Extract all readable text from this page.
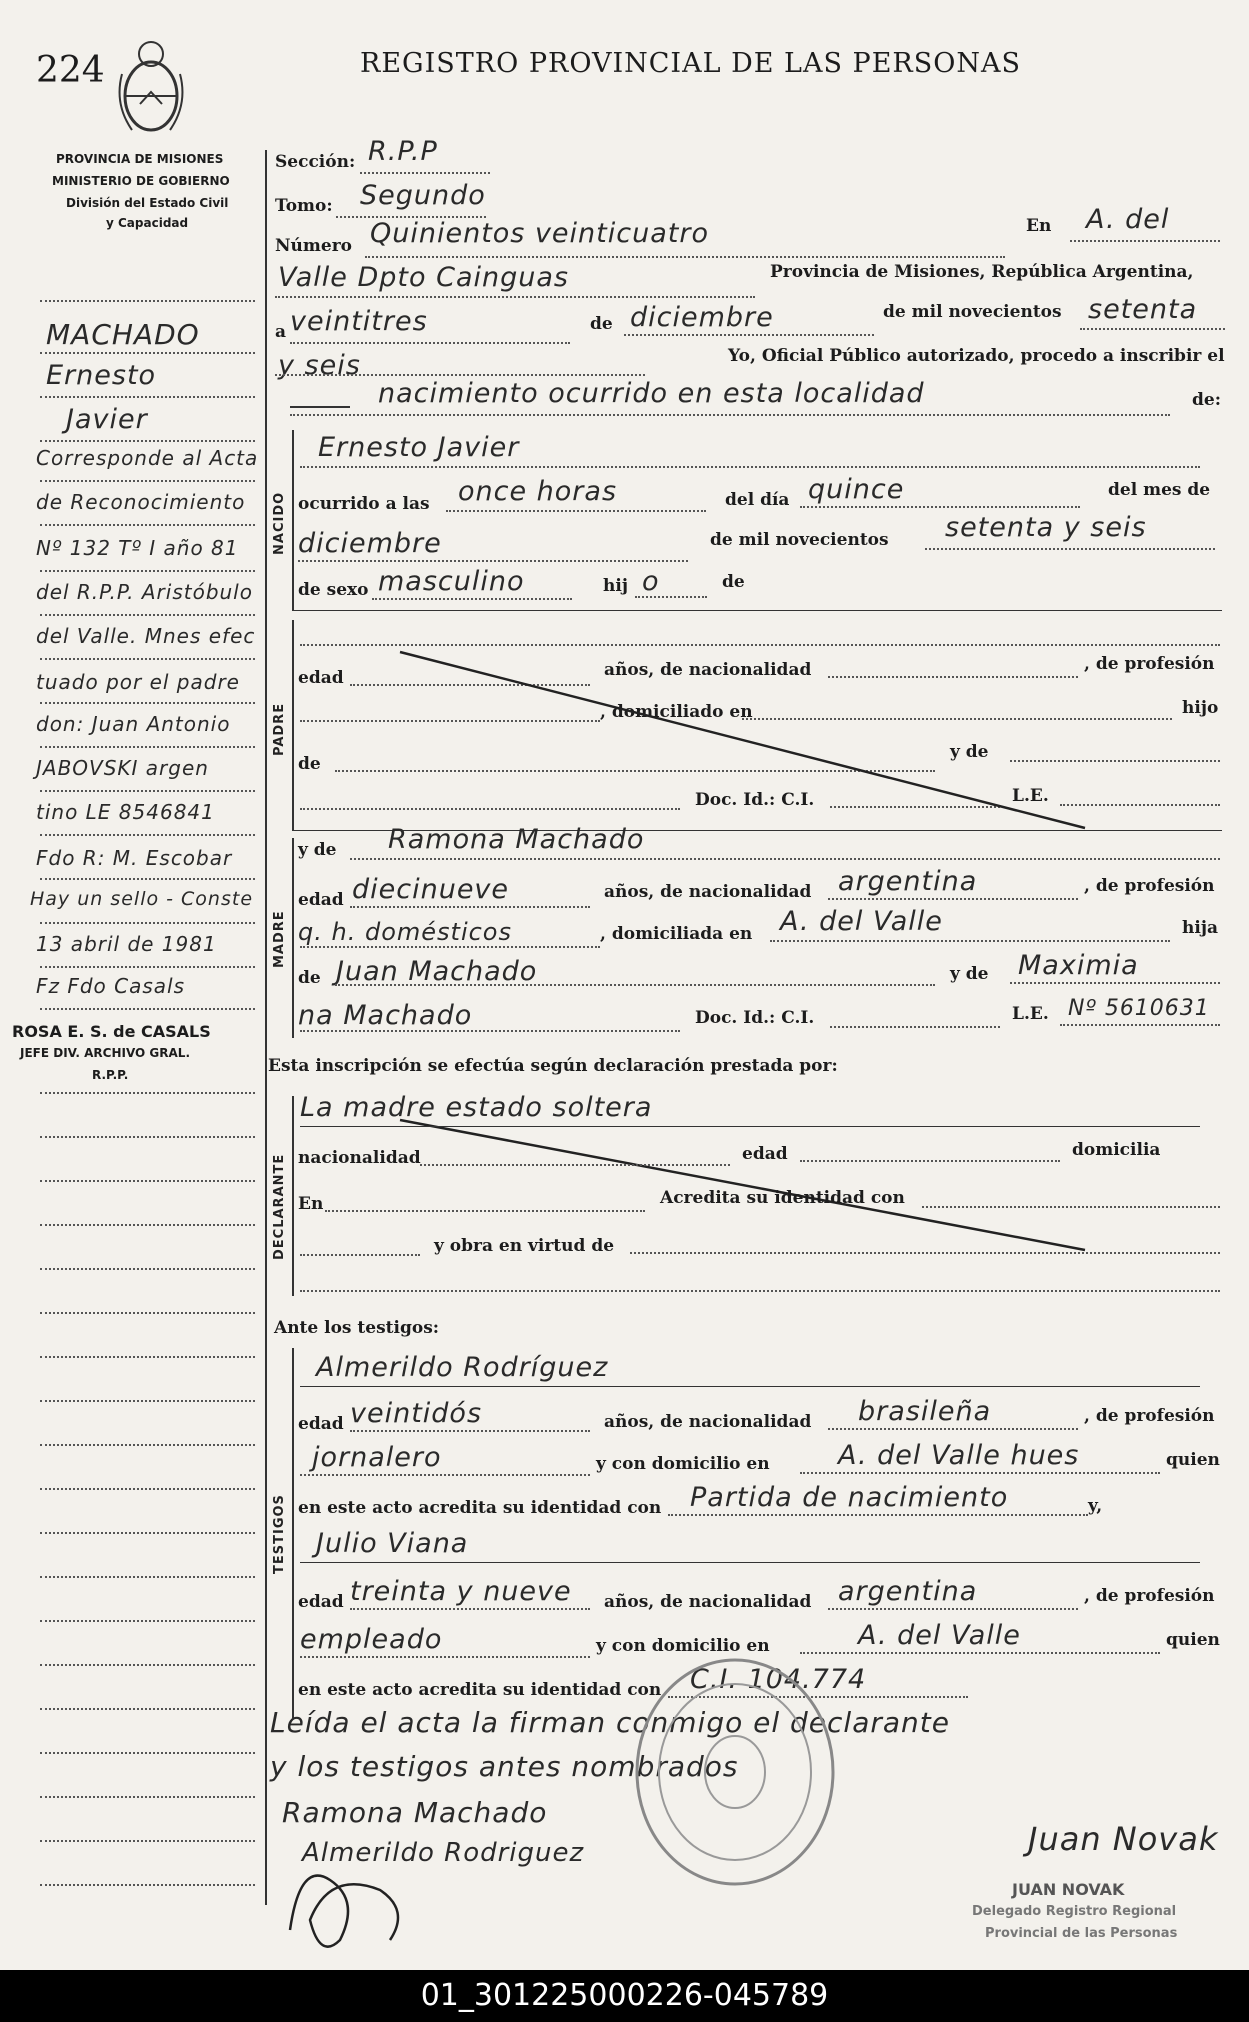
224	REGISTRO PROVINCIAL DE LAS PERSONAS
PROVINCIA DE MISIONES
MINISTERIO DE GOBIERNO
División del Estado Civil
y Capacidad
Sección: R.P.P
Tomo: Segundo
Número Quinientos veinticuatro	En A. del
Valle Dpto Cainguas	Provincia de Misiones, República Argentina,
a veintitres	de diciembre	de mil novecientos setenta
y seis	Yo, Oficial Público autorizado, procedo a inscribir el
nacimiento ocurrido en esta localidad	de:
NACIDO
Ernesto Javier
ocurrido a las once horas	del día quince	del mes de
diciembre	de mil novecientos setenta y seis
de sexo masculino	hij o	de
PADRE
edad	años, de nacionalidad	, de profesión
, domiciliado en	hijo
de
y de
Doc. Id.: C.I.	L.E.
MADRE
y de Ramona Machado
edad diecinueve	años, de nacionalidad argentina	, de profesión
q. h. domésticos	, domiciliada en A. del Valle	hija
de Juan Machado	y de Maximia
na Machado	Doc. Id.: C.I.	L.E. Nº 5610631
Esta inscripción se efectúa según declaración prestada por:
DECLARANTE
La madre estado soltera
nacionalidad	edad	domicilia
En	Acredita su identidad con
y obra en virtud de
Ante los testigos:
TESTIGOS
Almerildo Rodríguez
edad veintidós	años, de nacionalidad brasileña	, de profesión
jornalero	y con domicilio en	A. del Valle hues	quien
en este acto acredita su identidad con Partida de nacimiento	y,
Julio Viana
edad treinta y nueve años, de nacionalidad argentina	, de profesión
empleado	y con domicilio en	A. del Valle	quien
en este acto acredita su identidad con C.I. 104.774
Leída el acta la firman conmigo el declarante
y los testigos antes nombrados
Ramona Machado
Almerildo Rodriguez	Juan Novak
JUAN NOVAK
Delegado Registro Regional
Provincial de las Personas
MACHADO
Ernesto
Javier
Corresponde al Acta
de Reconocimiento
Nº 132 Tº I año 81
del R.P.P. Aristóbulo
del Valle. Mnes efec
tuado por el padre
don: Juan Antonio
JABOVSKI argen
tino LE 8546841
Fdo R: M. Escobar
Hay un sello - Conste
13 abril de 1981
Fz Fdo Casals
ROSA E. S. de CASALS
JEFE DIV. ARCHIVO GRAL.
R.P.P.
01_301225000226-045789
